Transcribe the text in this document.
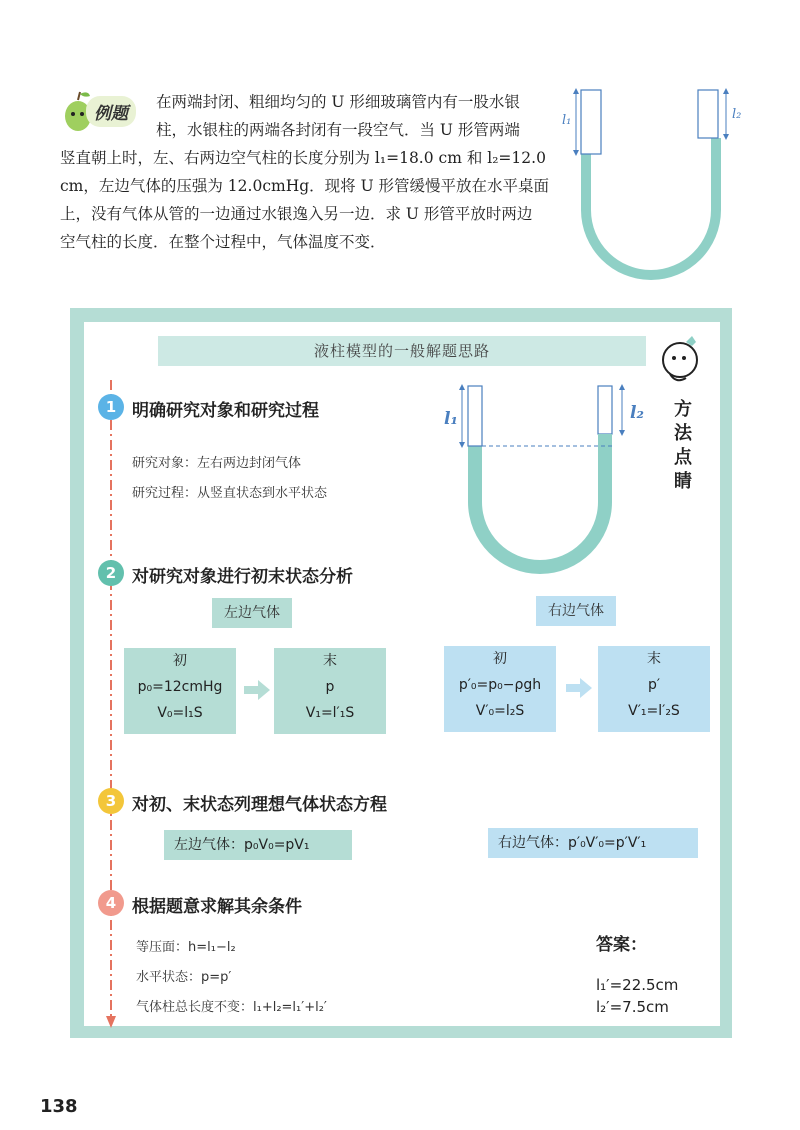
例题
在两端封闭、粗细均匀的 U 形细玻璃管内有一股水银
柱，水银柱的两端各封闭有一段空气．当 U 形管两端
竖直朝上时，左、右两边空气柱的长度分别为 l₁=18.0 cm 和 l₂=12.0
cm，左边气体的压强为 12.0cmHg．现将 U 形管缓慢平放在水平桌面
上，没有气体从管的一边通过水银逸入另一边．求 U 形管平放时两边
空气柱的长度．在整个过程中，气体温度不变．
l₁	l₂
液柱模型的一般解题思路
方
法
点
睛
l₁	l₂
1 明确研究对象和研究过程
研究对象：左右两边封闭气体
研究过程：从竖直状态到水平状态
2 对研究对象进行初末状态分析
左边气体	右边气体
初
p₀=12cmHg
V₀=l₁S
末
p
V₁=l′₁S
初
p′₀=p₀−ρgh
V′₀=l₂S
末
p′
V′₁=l′₂S
3 对初、末状态列理想气体状态方程
左边气体：p₀V₀=pV₁	右边气体：p′₀V′₀=p′V′₁
4 根据题意求解其余条件
等压面：h=l₁−l₂
水平状态：p=p′
气体柱总长度不变：l₁+l₂=l₁′+l₂′
答案：
l₁′=22.5cm
l₂′=7.5cm
138
